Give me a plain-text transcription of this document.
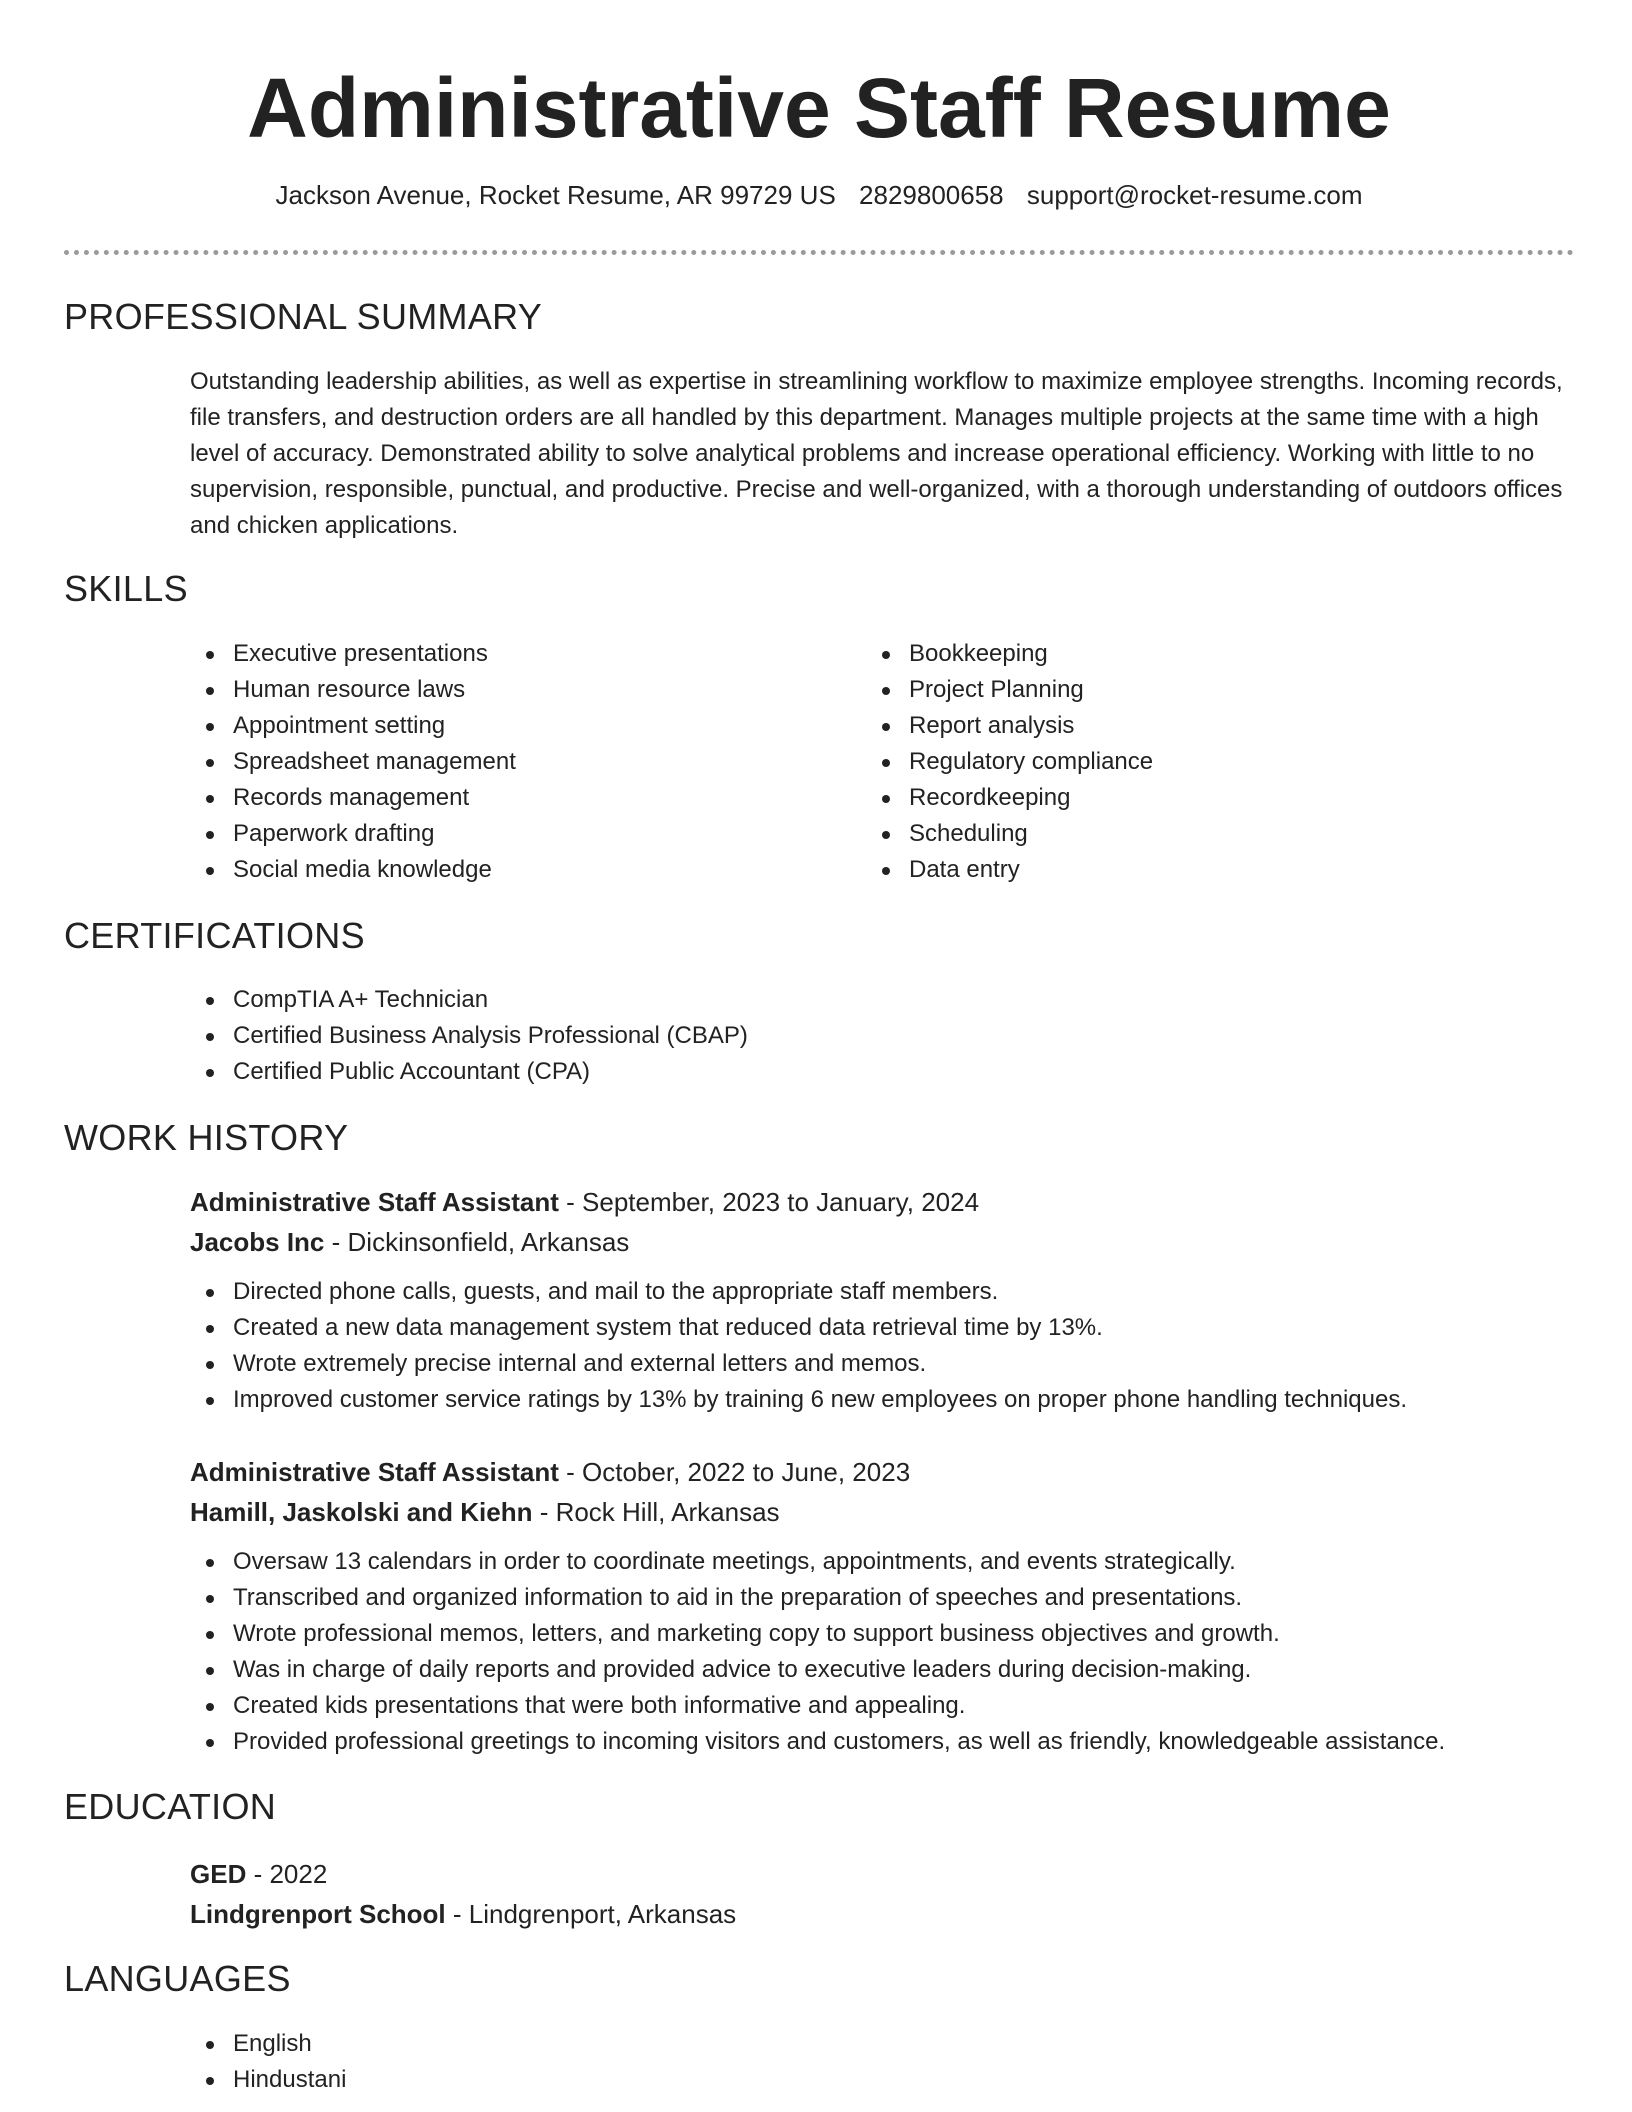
Administrative Staff Resume
Jackson Avenue, Rocket Resume, AR 99729 US 2829800658 support@rocket-resume.com
PROFESSIONAL SUMMARY

Outstanding leadership abilities, as well as expertise in streamlining workflow to maximize employee strengths. Incoming records, file transfers, and destruction orders are all handled by this department. Manages multiple projects at the same time with a high level of accuracy. Demonstrated ability to solve analytical problems and increase operational efficiency. Working with little to no supervision, responsible, punctual, and productive. Precise and well-organized, with a thorough understanding of outdoors offices and chicken applications.

SKILLS
Executive presentations
Human resource laws
Appointment setting
Spreadsheet management
Records management
Paperwork drafting
Social media knowledge
Bookkeeping
Project Planning
Report analysis
Regulatory compliance
Recordkeeping
Scheduling
Data entry
CERTIFICATIONS
CompTIA A+ Technician
Certified Business Analysis Professional (CBAP)
Certified Public Accountant (CPA)
WORK HISTORY
Administrative Staff Assistant - September, 2023 to January, 2024
Jacobs Inc - Dickinsonfield, Arkansas
Directed phone calls, guests, and mail to the appropriate staff members.
Created a new data management system that reduced data retrieval time by 13%.
Wrote extremely precise internal and external letters and memos.
Improved customer service ratings by 13% by training 6 new employees on proper phone handling techniques.
Administrative Staff Assistant - October, 2022 to June, 2023
Hamill, Jaskolski and Kiehn - Rock Hill, Arkansas
Oversaw 13 calendars in order to coordinate meetings, appointments, and events strategically.
Transcribed and organized information to aid in the preparation of speeches and presentations.
Wrote professional memos, letters, and marketing copy to support business objectives and growth.
Was in charge of daily reports and provided advice to executive leaders during decision-making.
Created kids presentations that were both informative and appealing.
Provided professional greetings to incoming visitors and customers, as well as friendly, knowledgeable assistance.
EDUCATION
GED - 2022
Lindgrenport School - Lindgrenport, Arkansas
LANGUAGES
English
Hindustani
